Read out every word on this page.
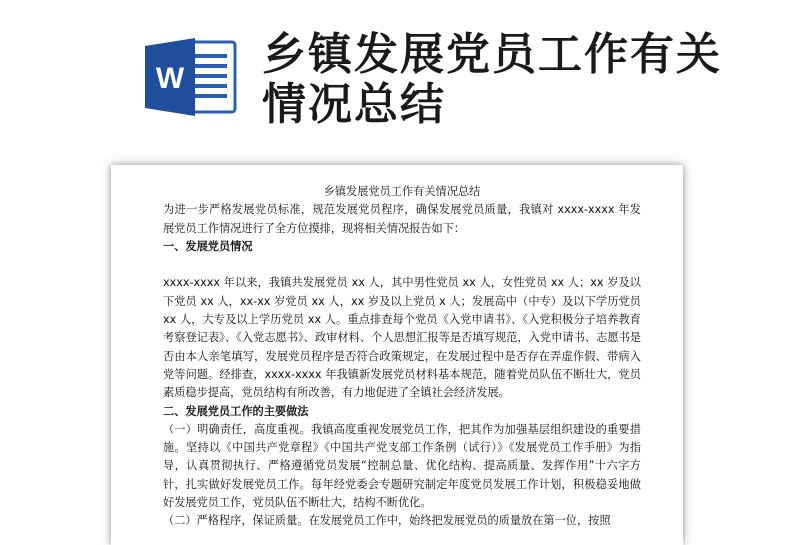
W 乡镇发展党员工作有关情况总结

乡镇发展党员工作有关情况总结

为进一步严格发展党员标准，规范发展党员程序，确保发展党员质量，我镇对 xxxx-xxxx 年发展党员工作情况进行了全方位摸排，现将相关情况报告如下：

一、发展党员情况

xxxx-xxxx 年以来，我镇共发展党员 xx 人，其中男性党员 xx 人，女性党员 xx 人；xx 岁及以下党员 xx 人，xx-xx 岁党员 xx 人，xx 岁及以上党员 x 人；发展高中（中专）及以下学历党员 xx 人，大专及以上学历党员 xx 人。重点排查每个党员《入党申请书》、《入党积极分子培养教育考察登记表》、《入党志愿书》、政审材料、个人思想汇报等是否填写规范，入党申请书、志愿书是否由本人亲笔填写，发展党员程序是否符合政策规定，在发展过程中是否存在弄虚作假、带病入党等问题。经排查，xxxx-xxxx 年我镇新发展党员材料基本规范，随着党员队伍不断壮大，党员素质稳步提高，党员结构有所改善，有力地促进了全镇社会经济发展。

二、发展党员工作的主要做法

（一）明确责任，高度重视。我镇高度重视发展党员工作，把其作为加强基层组织建设的重要措施。坚持以《中国共产党章程》《中国共产党支部工作条例（试行）》《发展党员工作手册》为指导，认真贯彻执行、严格遵循党员发展“控制总量、优化结构、提高质量、发挥作用”十六字方针，扎实做好发展党员工作。每年经党委会专题研究制定年度党员发展工作计划，积极稳妥地做好发展党员工作，党员队伍不断壮大，结构不断优化。

（二）严格程序，保证质量。在发展党员工作中，始终把发展党员的质量放在第一位，按照
